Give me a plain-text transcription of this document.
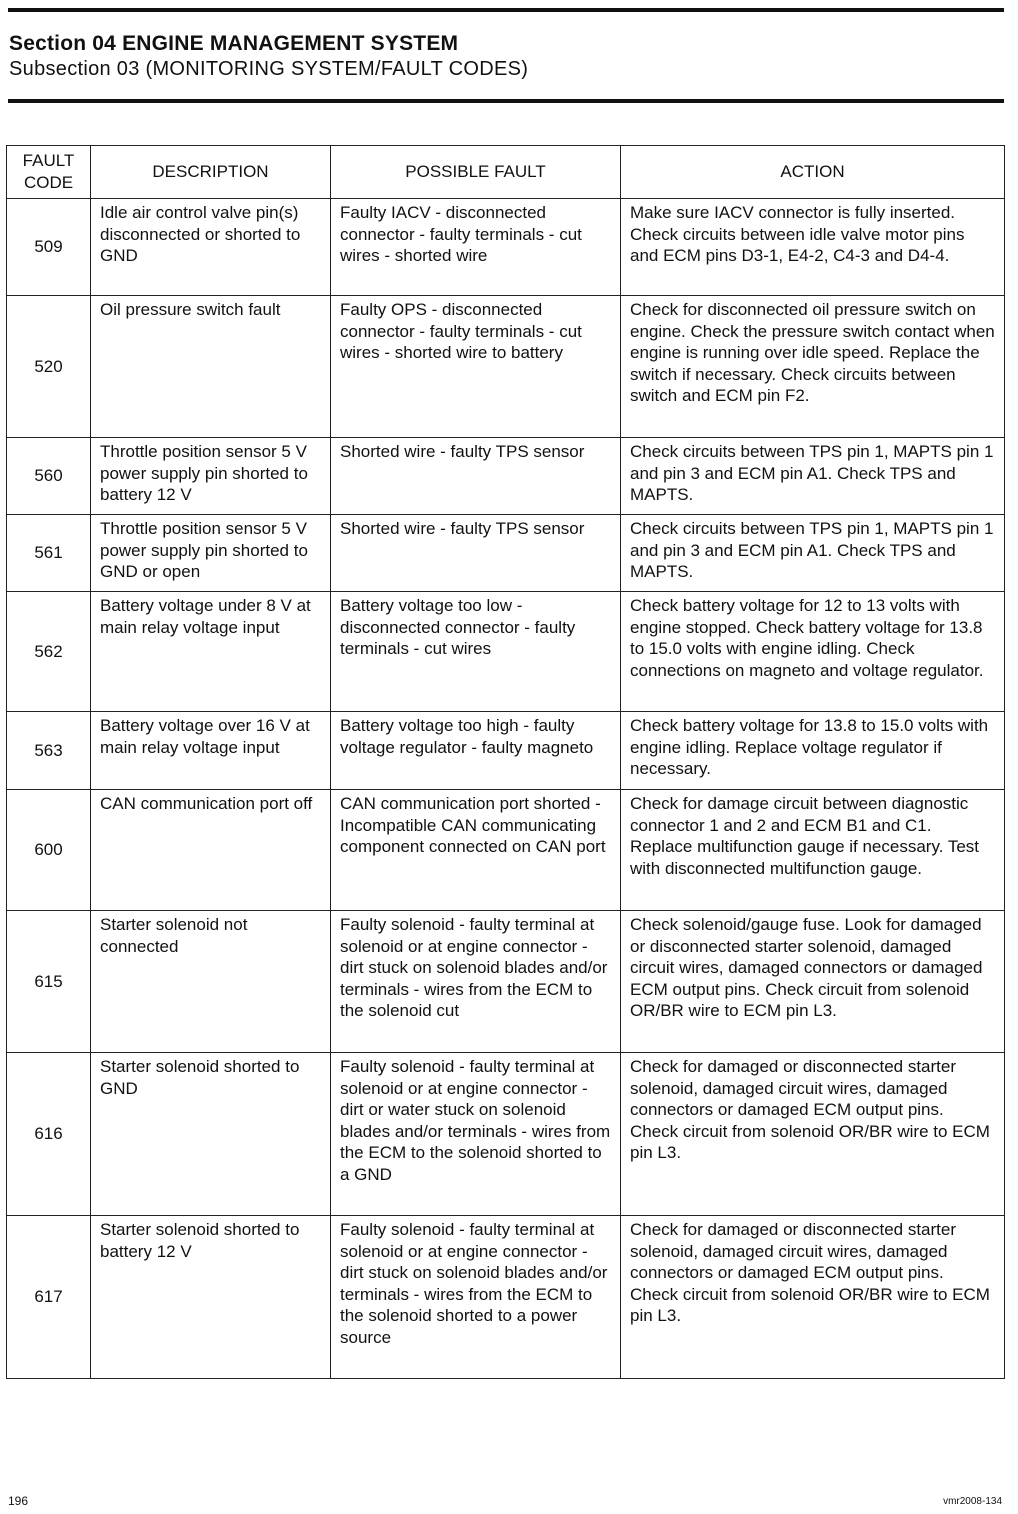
Section 04 ENGINE MANAGEMENT SYSTEM
Subsection 03 (MONITORING SYSTEM/FAULT CODES)
FAULT CODE	DESCRIPTION	POSSIBLE FAULT	ACTION
509	Idle air control valve pin(s) disconnected or shorted to GND	Faulty IACV - disconnected connector - faulty terminals - cut wires - shorted wire	Make sure IACV connector is fully inserted. Check circuits between idle valve motor pins and ECM pins D3-1, E4-2, C4-3 and D4-4.
520	Oil pressure switch fault	Faulty OPS - disconnected connector - faulty terminals - cut wires - shorted wire to battery	Check for disconnected oil pressure switch on engine. Check the pressure switch contact when engine is running over idle speed. Replace the switch if necessary. Check circuits between switch and ECM pin F2.
560	Throttle position sensor 5 V power supply pin shorted to battery 12 V	Shorted wire - faulty TPS sensor	Check circuits between TPS pin 1, MAPTS pin 1 and pin 3 and ECM pin A1. Check TPS and MAPTS.
561	Throttle position sensor 5 V power supply pin shorted to GND or open	Shorted wire - faulty TPS sensor	Check circuits between TPS pin 1, MAPTS pin 1 and pin 3 and ECM pin A1. Check TPS and MAPTS.
562	Battery voltage under 8 V at main relay voltage input	Battery voltage too low - disconnected connector - faulty terminals - cut wires	Check battery voltage for 12 to 13 volts with engine stopped. Check battery voltage for 13.8 to 15.0 volts with engine idling. Check connections on magneto and voltage regulator.
563	Battery voltage over 16 V at main relay voltage input	Battery voltage too high - faulty voltage regulator - faulty magneto	Check battery voltage for 13.8 to 15.0 volts with engine idling. Replace voltage regulator if necessary.
600	CAN communication port off	CAN communication port shorted - Incompatible CAN communicating component connected on CAN port	Check for damage circuit between diagnostic connector 1 and 2 and ECM B1 and C1. Replace multifunction gauge if necessary. Test with disconnected multifunction gauge.
615	Starter solenoid not connected	Faulty solenoid - faulty terminal at solenoid or at engine connector - dirt stuck on solenoid blades and/or terminals - wires from the ECM to the solenoid cut	Check solenoid/gauge fuse. Look for damaged or disconnected starter solenoid, damaged circuit wires, damaged connectors or damaged ECM output pins. Check circuit from solenoid OR/BR wire to ECM pin L3.
616	Starter solenoid shorted to GND	Faulty solenoid - faulty terminal at solenoid or at engine connector - dirt or water stuck on solenoid blades and/or terminals - wires from the ECM to the solenoid shorted to a GND	Check for damaged or disconnected starter solenoid, damaged circuit wires, damaged connectors or damaged ECM output pins. Check circuit from solenoid OR/BR wire to ECM pin L3.
617	Starter solenoid shorted to battery 12 V	Faulty solenoid - faulty terminal at solenoid or at engine connector - dirt stuck on solenoid blades and/or terminals - wires from the ECM to the solenoid shorted to a power source	Check for damaged or disconnected starter solenoid, damaged circuit wires, damaged connectors or damaged ECM output pins. Check circuit from solenoid OR/BR wire to ECM pin L3.
196	vmr2008-134
